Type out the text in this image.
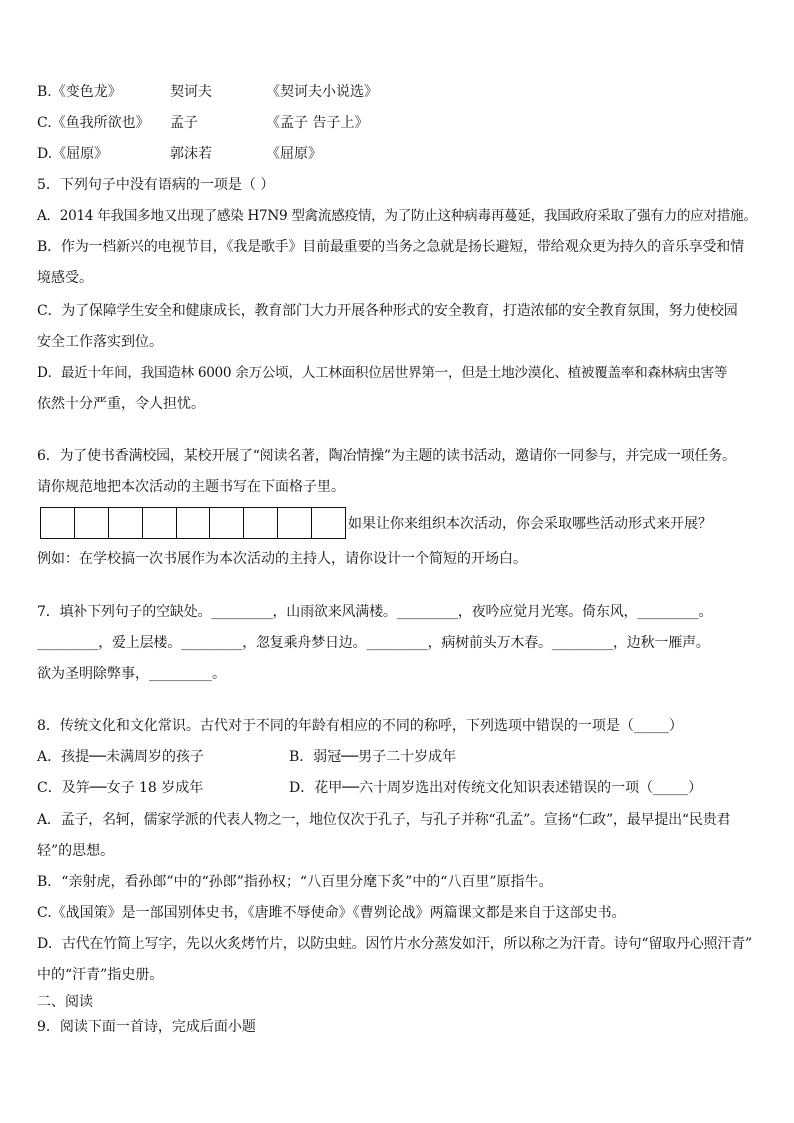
B.《变色龙》	契诃夫	《契诃夫小说选》
C.《鱼我所欲也》 孟子	《孟子 告子上》
D.《屈原》	郭沫若	《屈原》
5．下列句子中没有语病的一项是（ ）
A．2014 年我国多地又出现了感染 H7N9 型禽流感疫情，为了防止这种病毒再蔓延，我国政府采取了强有力的应对措施。
B．作为一档新兴的电视节目，《我是歌手》目前最重要的当务之急就是扬长避短，带给观众更为持久的音乐享受和情
境感受。
C．为了保障学生安全和健康成长，教育部门大力开展各种形式的安全教育，打造浓郁的安全教育氛围，努力使校园
安全工作落实到位。
D．最近十年间，我国造林 6000 余万公顷，人工林面积位居世界第一，但是土地沙漠化、植被覆盖率和森林病虫害等
依然十分严重，令人担忧。
6．为了使书香满校园，某校开展了“阅读名著，陶冶情操”为主题的读书活动，邀请你一同参与，并完成一项任务。
请你规范地把本次活动的主题书写在下面格子里。
如果让你来组织本次活动，你会采取哪些活动形式来开展？
例如：在学校搞一次书展作为本次活动的主持人，请你设计一个简短的开场白。
7．填补下列句子的空缺处。_________，山雨欲来风满楼。_________，夜吟应觉月光寒。倚东风，_________。
_________，爱上层楼。_________，忽复乘舟梦日边。_________，病树前头万木春。_________，边秋一雁声。
欲为圣明除弊事，_________。
8．传统文化和文化常识。古代对于不同的年龄有相应的不同的称呼，下列选项中错误的一项是（_____）
A．孩提──未满周岁的孩子	B．弱冠──男子二十岁成年
C．及笄──女子 18 岁成年	D．花甲──六十周岁选出对传统文化知识表述错误的一项（_____）
A．孟子，名轲，儒家学派的代表人物之一，地位仅次于孔子，与孔子并称“孔孟”。宣扬“仁政”，最早提出“民贵君
轻”的思想。
B．“亲射虎，看孙郎”中的“孙郎”指孙权；“八百里分麾下炙”中的“八百里”原指牛。
C.《战国策》是一部国别体史书，《唐雎不辱使命》《曹刿论战》两篇课文都是来自于这部史书。
D．古代在竹简上写字，先以火炙烤竹片，以防虫蛀。因竹片水分蒸发如汗，所以称之为汗青。诗句“留取丹心照汗青”
中的“汗青”指史册。
二、阅读
9．阅读下面一首诗，完成后面小题
